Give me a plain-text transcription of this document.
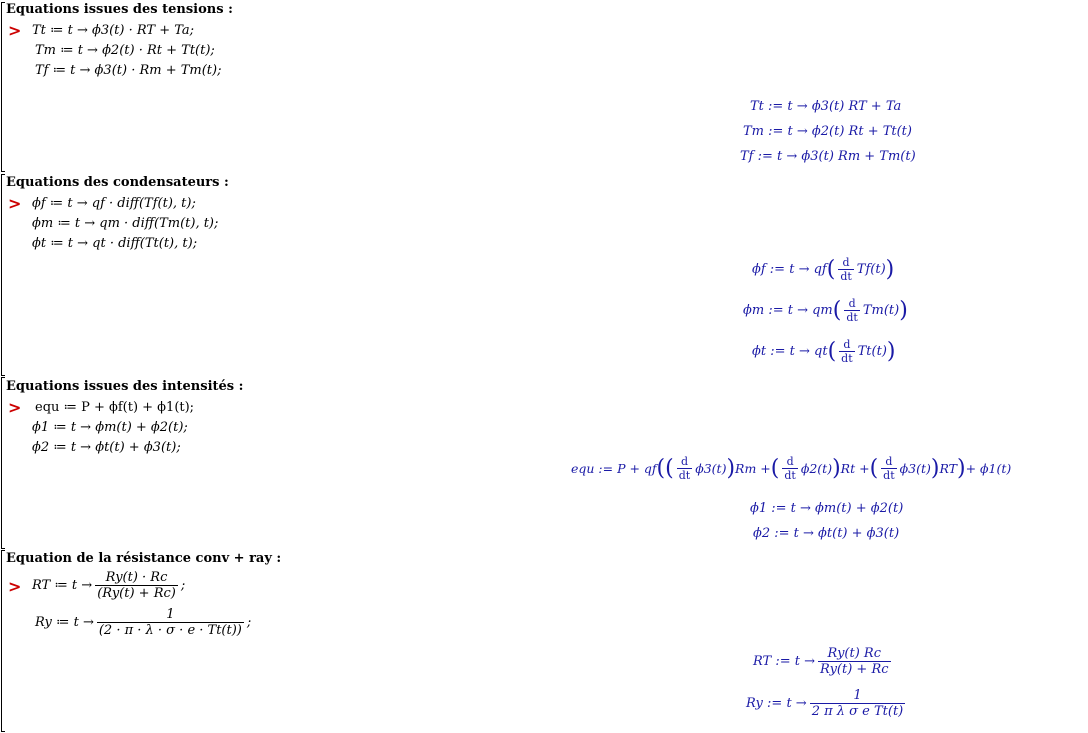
Equations issues des tensions :
> Tt ≔ t → ϕ3(t) · RT + Ta;
Tm ≔ t → ϕ2(t) · Rt + Tt(t);
Tf ≔ t → ϕ3(t) · Rm + Tm(t);
Tt := t → ϕ3(t) RT + Ta
Tm := t → ϕ2(t) Rt + Tt(t)
Tf := t → ϕ3(t) Rm + Tm(t)
Equations des condensateurs :
> ϕf ≔ t → qf · diff(Tf(t), t);
ϕm ≔ t → qm · diff(Tm(t), t);
ϕt ≔ t → qt · diff(Tt(t), t);
ϕf := t → qf ( $\frac{d}{dt} Tf(t)$ )
ϕm := t → qm ( $\frac{d}{dt} Tm(t)$ )
ϕt := t → qt ( $\frac{d}{dt} Tt(t)$ )
Equations issues des intensités :
> equ ≔ P + ϕf(t) + ϕ1(t);
ϕ1 ≔ t → ϕm(t) + ϕ2(t);
ϕ2 ≔ t → ϕt(t) + ϕ3(t);
equ := P + qf ( ( $\frac{d}{dt} \phi 3(t)$ ) Rm + ( $\frac{d}{dt} \phi 2(t)$ ) Rt + ( $\frac{d}{dt} \phi 3(t)$ ) RT ) + ϕ1(t)
ϕ1 := t → ϕm(t) + ϕ2(t)
ϕ2 := t → ϕt(t) + ϕ3(t)
Equation de la résistance conv + ray :
> RT ≔ $t \to \frac{Ry(t) \cdot Rc}{(Ry(t) + Rc)}$ ;
Ry ≔ $t \to \frac{1}{(2 \cdot \pi \cdot \lambda \cdot \sigma \cdot e \cdot Tt(t))}$ ;
RT := $t \to \frac{Ry(t) Rc}{Ry(t) + Rc}$
Ry := $t \to \frac{1}{\text{2 π λ σ e Tt(t)}}$
